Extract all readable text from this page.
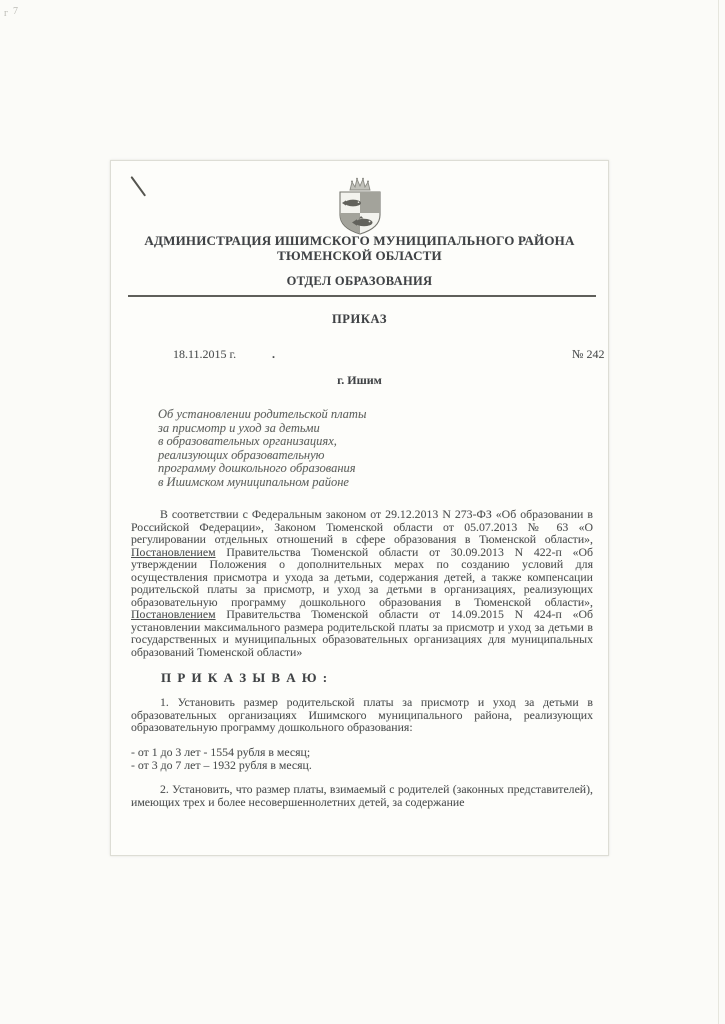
г 7
АДМИНИСТРАЦИЯ ИШИМСКОГО МУНИЦИПАЛЬНОГО РАЙОНА
ТЮМЕНСКОЙ ОБЛАСТИ
ОТДЕЛ ОБРАЗОВАНИЯ
ПРИКАЗ
18.11.2015 г.	.	№ 242
г. Ишим
Об установлении родительской платы
за присмотр и уход за детьми
в образовательных организациях,
реализующих образовательную
программу дошкольного образования
в Ишимском муниципальном районе

В соответствии с Федеральным законом от 29.12.2013 N 273-ФЗ «Об образовании в Российской Федерации», Законом Тюменской области от 05.07.2013 № 63 «О регулировании отдельных отношений в сфере образования в Тюменской области», Постановлением Правительства Тюменской области от 30.09.2013 N 422-п «Об утверждении Положения о дополнительных мерах по созданию условий для осуществления присмотра и ухода за детьми, содержания детей, а также компенсации родительской платы за присмотр, и уход за детьми в организациях, реализующих образовательную программу дошкольного образования в Тюменской области», Постановлением Правительства Тюменской области от 14.09.2015 N 424-п «Об установлении максимального размера родительской платы за присмотр и уход за детьми в государственных и муниципальных образовательных организациях для муниципальных образований Тюменской области»

П Р И К А З Ы В А Ю :

1. Установить размер родительской платы за присмотр и уход за детьми в образовательных организациях Ишимского муниципального района, реализующих образовательную программу дошкольного образования:

- от 1 до 3 лет - 1554 рубля в месяц;
- от 3 до 7 лет – 1932 рубля в месяц.

2. Установить, что размер платы, взимаемый с родителей (законных представителей), имеющих трех и более несовершеннолетних детей, за содержание
